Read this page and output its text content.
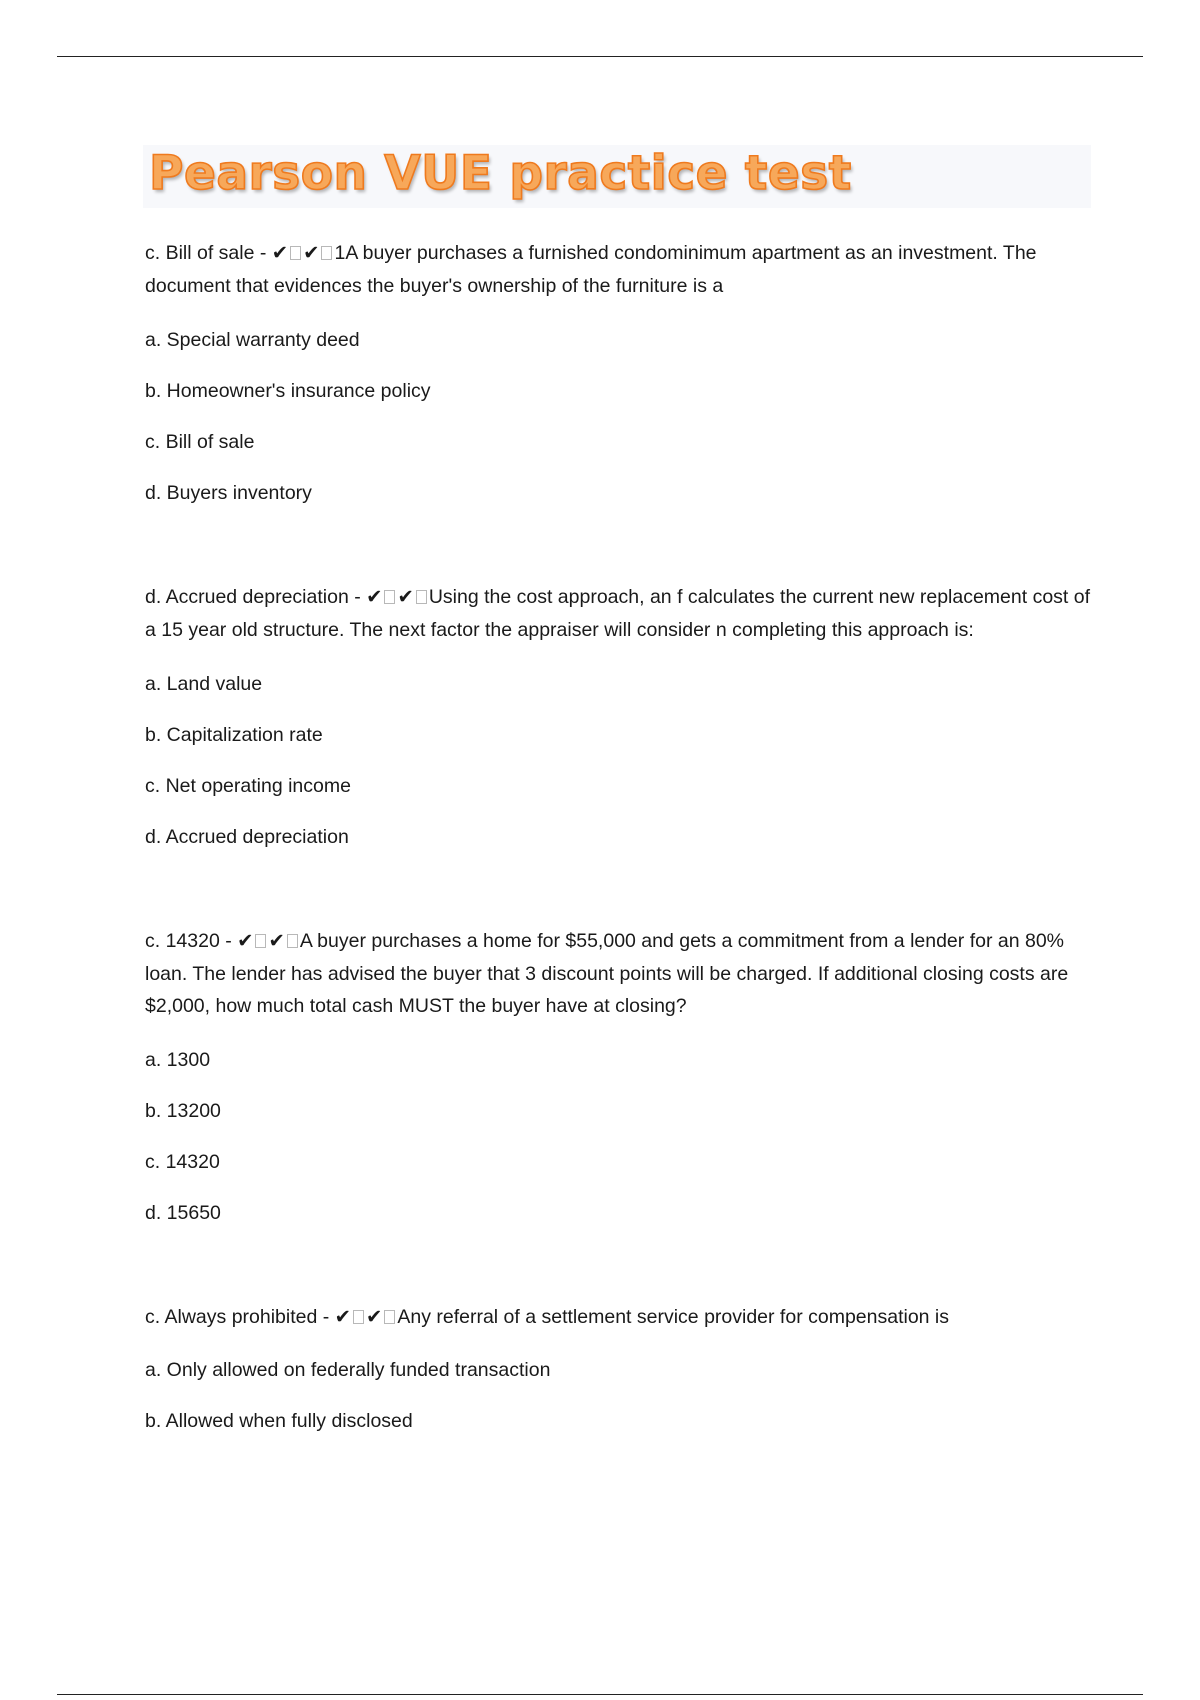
Pearson VUE practice test

c. Bill of sale - ✔ ✔ 1A buyer purchases a furnished condominimum apartment as an investment. The document that evidences the buyer's ownership of the furniture is a

a. Special warranty deed

b. Homeowner's insurance policy

c. Bill of sale

d. Buyers inventory

d. Accrued depreciation - ✔ ✔ Using the cost approach, an f calculates the current new replacement cost of a 15 year old structure. The next factor the appraiser will consider n completing this approach is:

a. Land value

b. Capitalization rate

c. Net operating income

d. Accrued depreciation

c. 14320 - ✔ ✔ A buyer purchases a home for $55,000 and gets a commitment from a lender for an 80% loan. The lender has advised the buyer that 3 discount points will be charged. If additional closing costs are $2,000, how much total cash MUST the buyer have at closing?

a. 1300

b. 13200

c. 14320

d. 15650

c. Always prohibited - ✔ ✔ Any referral of a settlement service provider for compensation is

a. Only allowed on federally funded transaction

b. Allowed when fully disclosed
